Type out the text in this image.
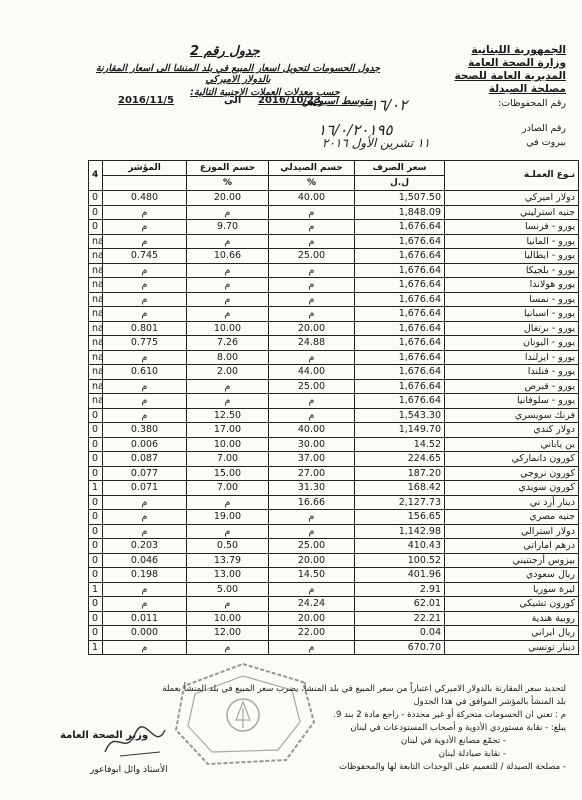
الجمهورية اللبنانية
وزارة الصحة العامة
المديرية العامة للصحة
مصلحة الصيدلة
جدول رقم 2
جدول الحسومات لتحويل اسعار المبيع في بلد المنشا الى اسعار المقارنة بالدولار الاميركي
حسب معدلات العملات الاجنبية التالية:
متوسط اسبوعين
2016/10/23
الى
2016/11/5	رقم المحفوظات:
١٦/٠٢
رقم الصادر
بيروت في
١٦/٠/٢٠١٩٥
١١ تشرين الأول ٢٠١٦
4	المؤشر	حسم الموزع	حسم الصيدلي	سعر الصرف	نـوع العملـة
		%	%	ل.ل	
0	0.480	20.00	40.00	1,507.50	دولار اميركي
0	م	م	م	1,848.09	جنيه استرليني
0	م	9.70	م	1,676.64	يورو - فرنسا
na	م	م	م	1,676.64	يورو - المانيا
na	0.745	10.66	25.00	1,676.64	يورو - ايطاليا
na	م	م	م	1,676.64	يورو - بلجيكا
na	م	م	م	1,676.64	يورو هولاندا
na	م	م	م	1,676.64	يورو - نمسا
na	م	م	م	1,676.64	يورو - اسبانيا
na	0.801	10.00	20.00	1,676.64	يورو - برتغال
na	0.775	7.26	24.88	1,676.64	يورو - اليونان
na	م	8.00	م	1,676.64	يورو - ايرلندا
na	0.610	2.00	44.00	1,676.64	يورو - فنلندا
na	م	م	25.00	1,676.64	يورو - قبرص
na	م	م	م	1,676.64	يورو - سلوفانيا
0	م	12.50	م	1,543.30	فرنك سويسري
0	0.380	17.00	40.00	1,149.70	دولار كندي
0	0.006	10.00	30.00	14.52	ين ياباني
0	0.087	7.00	37.00	224.65	كورون دانماركي
0	0.077	15.00	27.00	187.20	كورون نروجي
1	0.071	7.00	31.30	168.42	كورون سويدي
0	م	م	16.66	2,127.73	دينار أرد ني
0	م	19.00	م	156.65	جنيه مصري
0	م	م	م	1,142.98	دولار استرالي
0	0.203	0.50	25.00	410.43	درهم اماراتي
0	0.046	13.79	20.00	100.52	بيزوس أرجنتيني
0	0.198	13.00	14.50	401.96	ريال سعودي
1	م	5.00	م	2.91	ليرة سوريا
0	م	م	24.24	62.01	كورون تشيكي
0	0.011	10.00	20.00	22.21	روبية هندية
0	0.000	12.00	22.00	0.04	ريال ايراني
1	م	م	م	670.70	دينار تونسي
لتحديد سعر المقارنة بالدولار الاميركي اعتباراً من سعر المبيع في بلد المنشأ، يضرب سعر المبيع في بلد المنشأ بعملة
بلد المنشأ بالمؤشر الموافق في هذا الجدول
م : تعني ان الحسومات متحركة أو غير محددة - راجع مادة 2 بند 9.
يبلغ: - نقابة مستوردي الأدوية و أصحاب المستودعات في لبنان
- تجمّع مصانع الأدوية في لبنان
- نقابة صيادلة لبنان
- مصلحة الصيدلة / للتعميم على الوحدات التابعة لها والمحفوظات
وزير الصحة العامة
الأستاذ وائل ابوفاعور
